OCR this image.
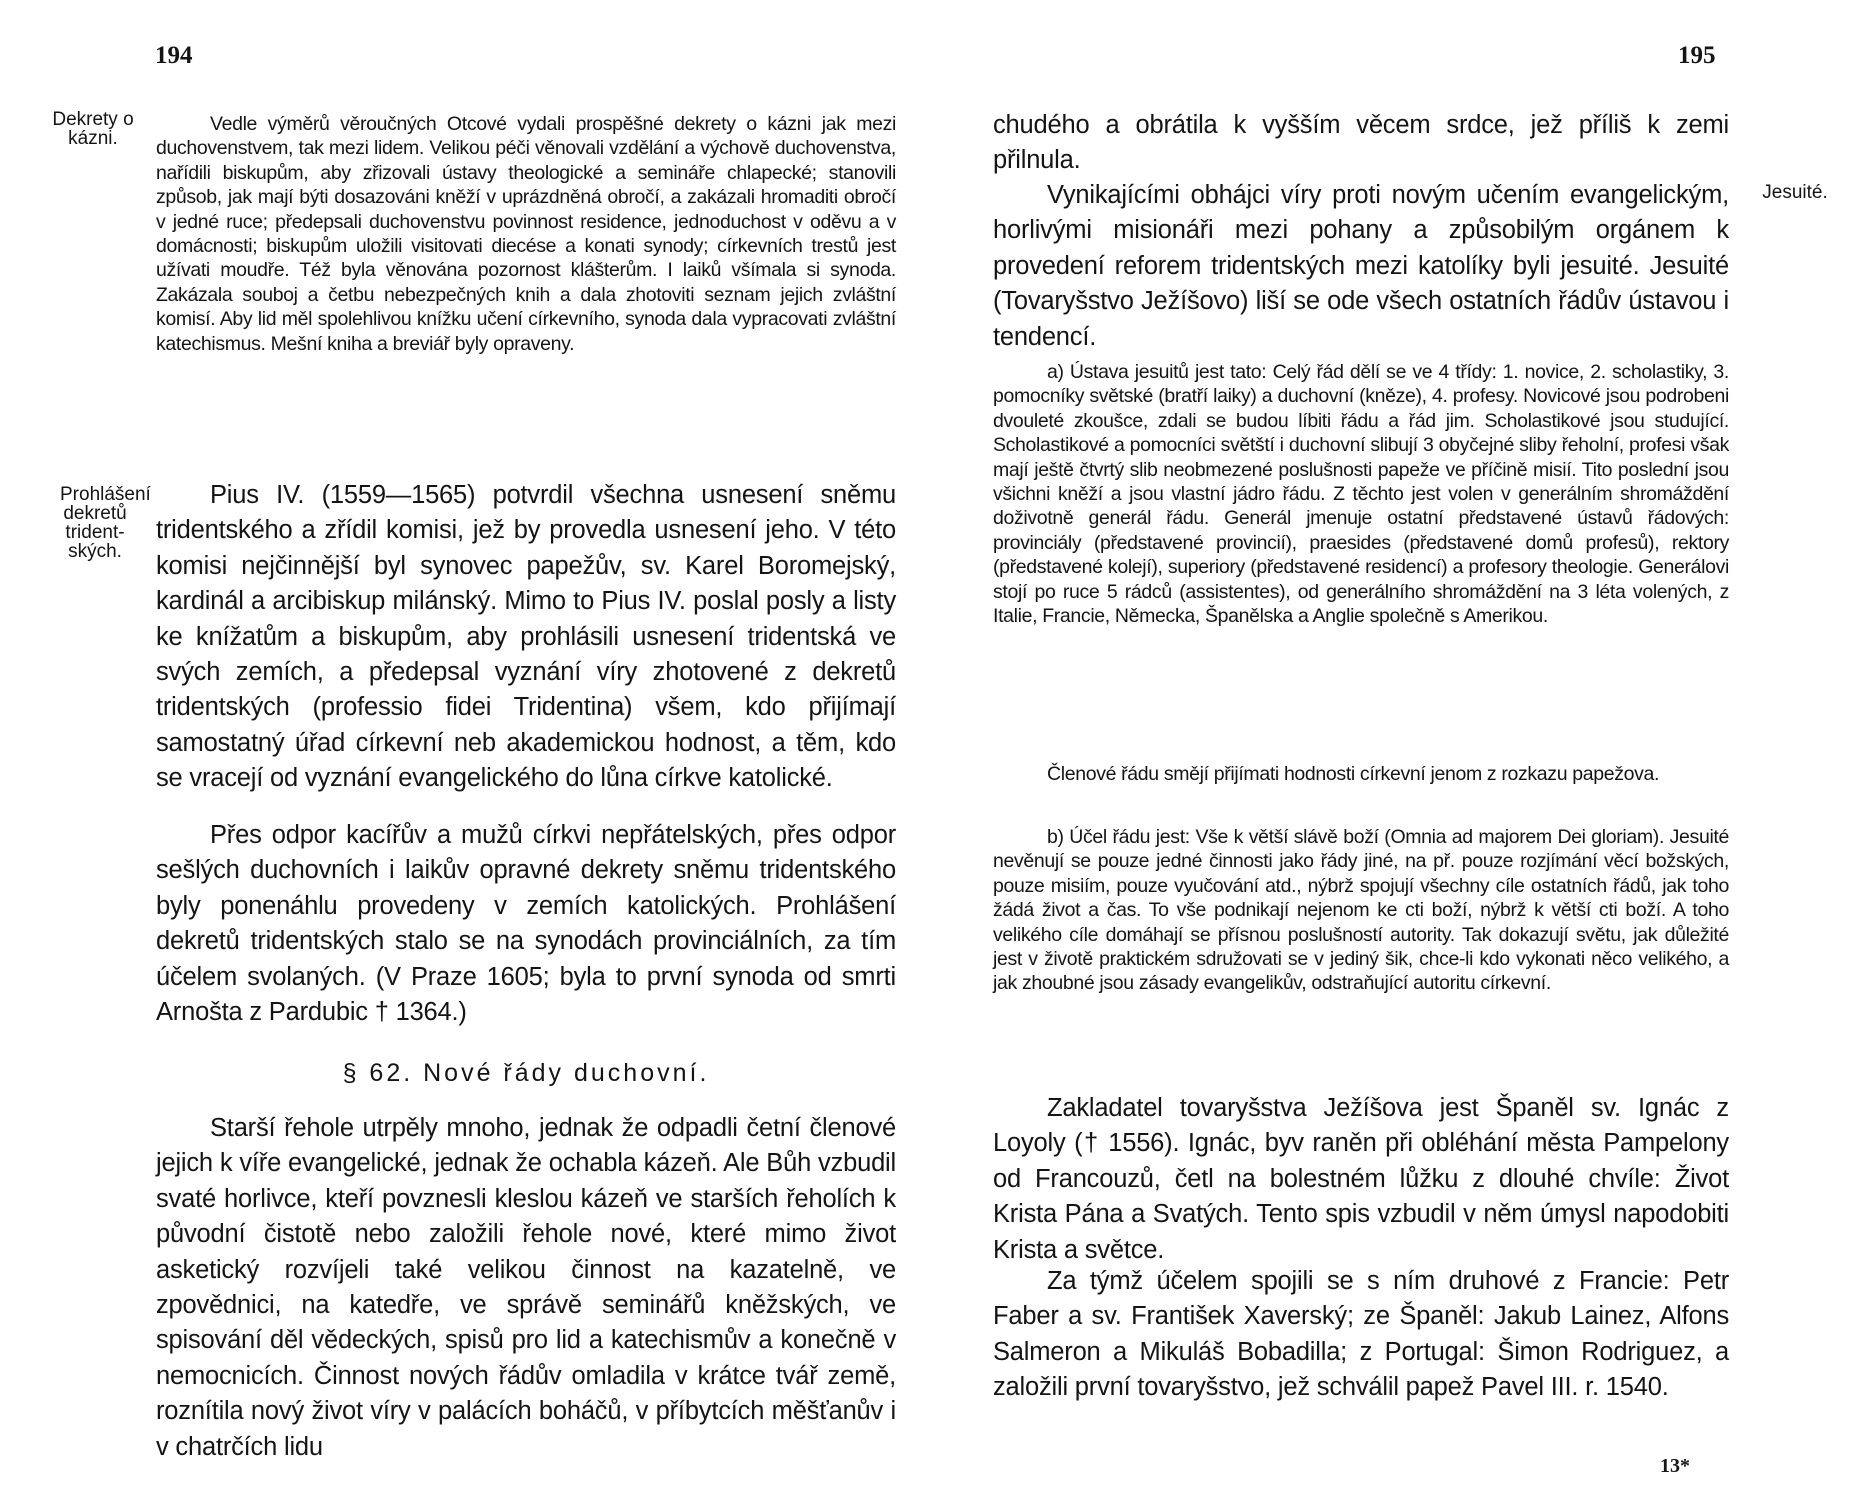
194	195
Dekrety o kázni.
Prohlášení dekretů trident-ských.
Jesuité.

Vedle výměrů věroučných Otcové vydali prospěšné dekrety o kázni jak mezi duchovenstvem, tak mezi lidem. Velikou péči věnovali vzdělání a výchově duchovenstva, nařídili biskupům, aby zřizovali ústavy theologické a semináře chlapecké; stanovili způsob, jak mají býti dosazováni kněží v uprázdněná obročí, a zakázali hromaditi obročí v jedné ruce; předepsali duchovenstvu povinnost residence, jednoduchost v oděvu a v domácnosti; biskupům uložili visitovati diecése a konati synody; církevních trestů jest užívati moudře. Též byla věnována pozornost klášterům. I laiků všímala si synoda. Zakázala souboj a četbu nebezpečných knih a dala zhotoviti seznam jejich zvláštní komisí. Aby lid měl spolehlivou knížku učení církevního, synoda dala vypracovati zvláštní katechismus. Mešní kniha a breviář byly opraveny.

Pius IV. (1559—1565) potvrdil všechna usnesení sněmu tridentského a zřídil komisi, jež by provedla usnesení jeho. V této komisi nejčinnější byl synovec papežův, sv. Karel Boromejský, kardinál a arcibiskup milánský. Mimo to Pius IV. poslal posly a listy ke knížatům a biskupům, aby prohlásili usnesení tridentská ve svých zemích, a předepsal vyznání víry zhotovené z dekretů tridentských (professio fidei Tridentina) všem, kdo přijímají samostatný úřad církevní neb akademickou hodnost, a těm, kdo se vracejí od vyznání evangelického do lůna církve katolické.

Přes odpor kacířův a mužů církvi nepřátelských, přes odpor sešlých duchovních i laikův opravné dekrety sněmu tridentského byly ponenáhlu provedeny v zemích katolických. Prohlášení dekretů tridentských stalo se na synodách provinciálních, za tím účelem svolaných. (V Praze 1605; byla to první synoda od smrti Arnošta z Pardubic † 1364.)

§ 62. Nové řády duchovní.

Starší řehole utrpěly mnoho, jednak že odpadli četní členové jejich k víře evangelické, jednak že ochabla kázeň. Ale Bůh vzbudil svaté horlivce, kteří povznesli kleslou kázeň ve starších řeholích k původní čistotě nebo založili řehole nové, které mimo život asketický rozvíjeli také velikou činnost na kazatelně, ve zpovědnici, na katedře, ve správě seminářů kněžských, ve spisování děl vědeckých, spisů pro lid a katechismův a konečně v nemocnicích. Činnost nových řádův omladila v krátce tvář země, roznítila nový život víry v palácích boháčů, v příbytcích měšťanův i v chatrčích lidu

chudého a obrátila k vyšším věcem srdce, jež příliš k zemi přilnula.

Vynikajícími obhájci víry proti novým učením evangelickým, horlivými misionáři mezi pohany a způsobilým orgánem k provedení reforem tridentských mezi katolíky byli jesuité. Jesuité (Tovaryšstvo Ježíšovo) liší se ode všech ostatních řádův ústavou i tendencí.

a) Ústava jesuitů jest tato: Celý řád dělí se ve 4 třídy: 1. novice, 2. scholastiky, 3. pomocníky světské (bratří laiky) a duchovní (kněze), 4. profesy. Novicové jsou podrobeni dvouleté zkoušce, zdali se budou líbiti řádu a řád jim. Scholastikové jsou studující. Scholastikové a pomocníci světští i duchovní slibují 3 obyčejné sliby řeholní, profesi však mají ještě čtvrtý slib neobmezené poslušnosti papeže ve příčině misií. Tito poslední jsou všichni kněží a jsou vlastní jádro řádu. Z těchto jest volen v generálním shromáždění doživotně generál řádu. Generál jmenuje ostatní představené ústavů řádových: provinciály (představené provincií), praesides (představené domů profesů), rektory (představené kolejí), superiory (představené residencí) a profesory theologie. Generálovi stojí po ruce 5 rádců (assistentes), od generálního shromáždění na 3 léta volených, z Italie, Francie, Německa, Španělska a Anglie společně s Amerikou.

Členové řádu smějí přijímati hodnosti církevní jenom z rozkazu papežova.

b) Účel řádu jest: Vše k větší slávě boží (Omnia ad majorem Dei gloriam). Jesuité nevěnují se pouze jedné činnosti jako řády jiné, na př. pouze rozjímání věcí božských, pouze misiím, pouze vyučování atd., nýbrž spojují všechny cíle ostatních řádů, jak toho žádá život a čas. To vše podnikají nejenom ke cti boží, nýbrž k větší cti boží. A toho velikého cíle domáhají se přísnou poslušností autority. Tak dokazují světu, jak důležité jest v životě praktickém sdružovati se v jediný šik, chce-li kdo vykonati něco velikého, a jak zhoubné jsou zásady evangelikův, odstraňující autoritu církevní.

Zakladatel tovaryšstva Ježíšova jest Španěl sv. Ignác z Loyoly († 1556). Ignác, byv raněn při obléhání města Pampelony od Francouzů, četl na bolestném lůžku z dlouhé chvíle: Život Krista Pána a Svatých. Tento spis vzbudil v něm úmysl napodobiti Krista a světce.

Za týmž účelem spojili se s ním druhové z Francie: Petr Faber a sv. František Xaverský; ze Španěl: Jakub Lainez, Alfons Salmeron a Mikuláš Bobadilla; z Portugal: Šimon Rodriguez, a založili první tovaryšstvo, jež schválil papež Pavel III. r. 1540.

13*
